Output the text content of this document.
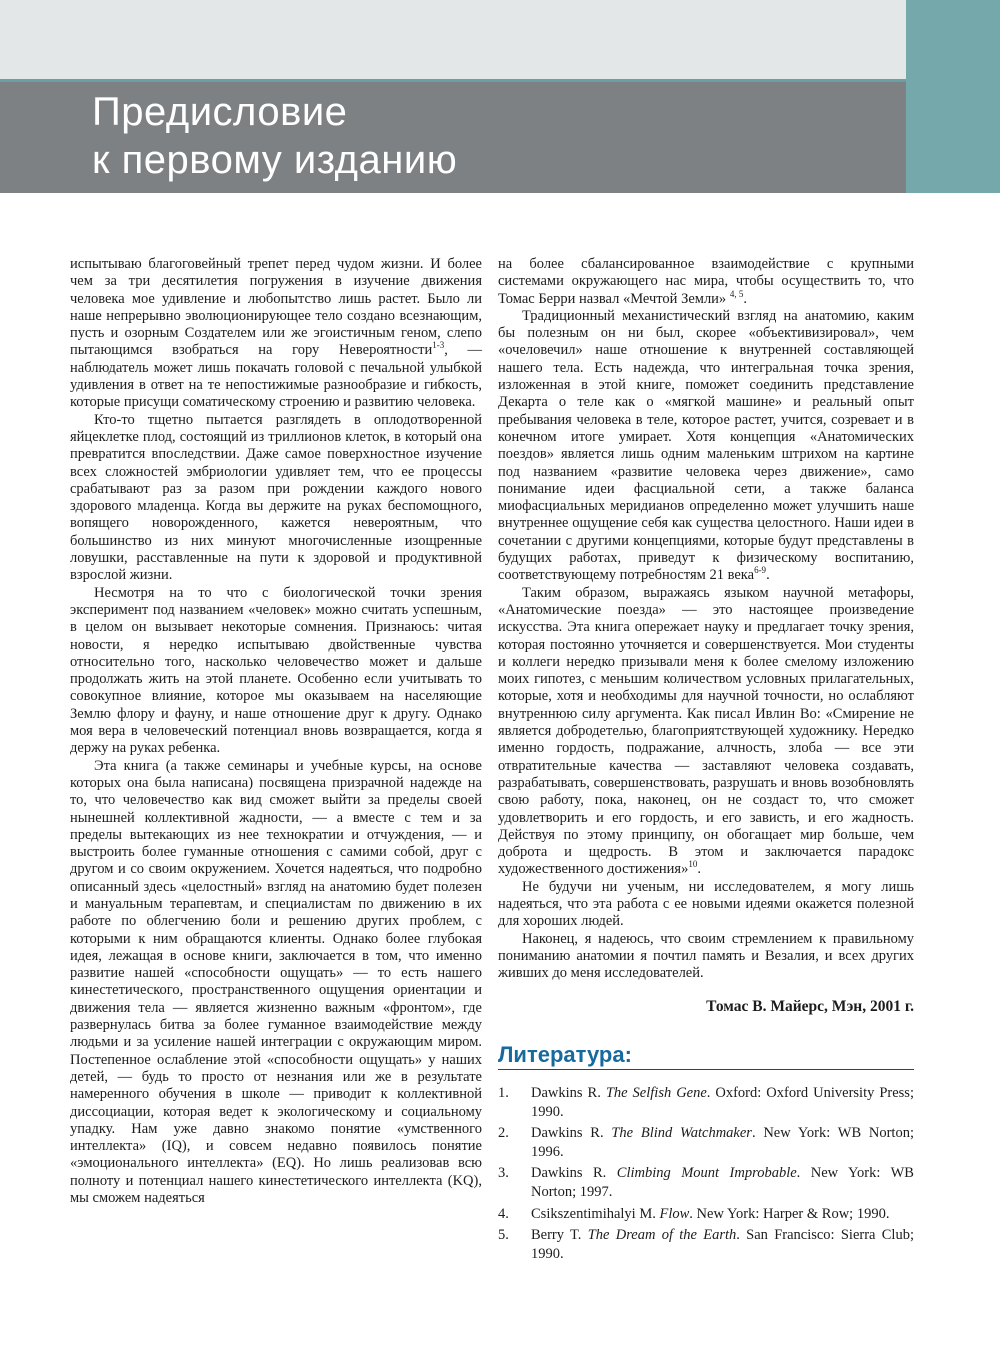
Предисловие
к первому изданию

испытываю благоговейный трепет перед чудом жизни. И более чем за три десятилетия погружения в изучение движения человека мое удивление и любопытство лишь растет. Было ли наше непрерывно эволюционирующее тело создано всезнающим, пусть и озорным Создателем или же эгоистичным геном, слепо пытающимся взобраться на гору Невероятности$^{1-3}$, — наблюдатель может лишь покачать головой с печальной улыбкой удивления в ответ на те непостижимые разнообразие и гибкость, которые присущи соматическому строению и развитию человека.

Кто-то тщетно пытается разглядеть в оплодотворенной яйцеклетке плод, состоящий из триллионов клеток, в который она превратится впоследствии. Даже самое поверхностное изучение всех сложностей эмбриологии удивляет тем, что ее процессы срабатывают раз за разом при рождении каждого нового здорового младенца. Когда вы держите на руках беспомощного, вопящего новорожденного, кажется невероятным, что большинство из них минуют многочисленные изощренные ловушки, расставленные на пути к здоровой и продуктивной взрослой жизни.

Несмотря на то что с биологической точки зрения эксперимент под названием «человек» можно считать успешным, в целом он вызывает некоторые сомнения. Признаюсь: читая новости, я нередко испытываю двойственные чувства относительно того, насколько человечество может и дальше продолжать жить на этой планете. Особенно если учитывать то совокупное влияние, которое мы оказываем на населяющие Землю флору и фауну, и наше отношение друг к другу. Однако моя вера в человеческий потенциал вновь возвращается, когда я держу на руках ребенка.

Эта книга (а также семинары и учебные курсы, на основе которых она была написана) посвящена призрачной надежде на то, что человечество как вид сможет выйти за пределы своей нынешней коллективной жадности, — а вместе с тем и за пределы вытекающих из нее технократии и отчуждения, — и выстроить более гуманные отношения с самими собой, друг с другом и со своим окружением. Хочется надеяться, что подробно описанный здесь «целостный» взгляд на анатомию будет полезен и мануальным терапевтам, и специалистам по движению в их работе по облегчению боли и решению других проблем, с которыми к ним обращаются клиенты. Однако более глубокая идея, лежащая в основе книги, заключается в том, что именно развитие нашей «способности ощущать» — то есть нашего кинестетического, пространственного ощущения ориентации и движения тела — является жизненно важным «фронтом», где развернулась битва за более гуманное взаимодействие между людьми и за усиление нашей интеграции с окружающим миром. Постепенное ослабление этой «способности ощущать» у наших детей, — будь то просто от незнания или же в результате намеренного обучения в школе — приводит к коллективной диссоциации, которая ведет к экологическому и социальному упадку. Нам уже давно знакомо понятие «умственного интеллекта» (IQ), и совсем недавно появилось понятие «эмоционального интеллекта» (EQ). Но лишь реализовав всю полноту и потенциал нашего кинестетического интеллекта (KQ), мы сможем надеяться

на более сбалансированное взаимодействие с крупными системами окружающего нас мира, чтобы осуществить то, что Томас Берри назвал «Мечтой Земли» $^{4, 5}$.

Традиционный механистический взгляд на анатомию, каким бы полезным он ни был, скорее «объективизировал», чем «очеловечил» наше отношение к внутренней составляющей нашего тела. Есть надежда, что интегральная точка зрения, изложенная в этой книге, поможет соединить представление Декарта о теле как о «мягкой машине» и реальный опыт пребывания человека в теле, которое растет, учится, созревает и в конечном итоге умирает. Хотя концепция «Анатомических поездов» является лишь одним маленьким штрихом на картине под названием «развитие человека через движение», само понимание идеи фасциальной сети, а также баланса миофасциальных меридианов определенно может улучшить наше внутреннее ощущение себя как существа целостного. Наши идеи в сочетании с другими концепциями, которые будут представлены в будущих работах, приведут к физическому воспитанию, соответствующему потребностям 21 века$^{6-9}$.

Таким образом, выражаясь языком научной метафоры, «Анатомические поезда» — это настоящее произведение искусства. Эта книга опережает науку и предлагает точку зрения, которая постоянно уточняется и совершенствуется. Мои студенты и коллеги нередко призывали меня к более смелому изложению моих гипотез, с меньшим количеством условных прилагательных, которые, хотя и необходимы для научной точности, но ослабляют внутреннюю силу аргумента. Как писал Ивлин Во: «Смирение не является добродетелью, благоприятствующей художнику. Нередко именно гордость, подражание, алчность, злоба — все эти отвратительные качества — заставляют человека создавать, разрабатывать, совершенствовать, разрушать и вновь возобновлять свою работу, пока, наконец, он не создаст то, что сможет удовлетворить и его гордость, и его зависть, и его жадность. Действуя по этому принципу, он обогащает мир больше, чем доброта и щедрость. В этом и заключается парадокс художественного достижения»$^{10}$.

Не будучи ни ученым, ни исследователем, я могу лишь надеяться, что эта работа с ее новыми идеями окажется полезной для хороших людей.

Наконец, я надеюсь, что своим стремлением к правильному пониманию анатомии я почтил память и Везалия, и всех других живших до меня исследователей.

Томас В. Майерс, Мэн, 2001 г.

Литература:
1.	Dawkins R. The Selfish Gene. Oxford: Oxford University Press; 1990.
2.	Dawkins R. The Blind Watchmaker. New York: WB Norton; 1996.
3.	Dawkins R. Climbing Mount Improbable. New York: WB Norton; 1997.
4.	Csikszentimihalyi M. Flow. New York: Harper & Row; 1990.
5.	Berry T. The Dream of the Earth. San Francisco: Sierra Club; 1990.
